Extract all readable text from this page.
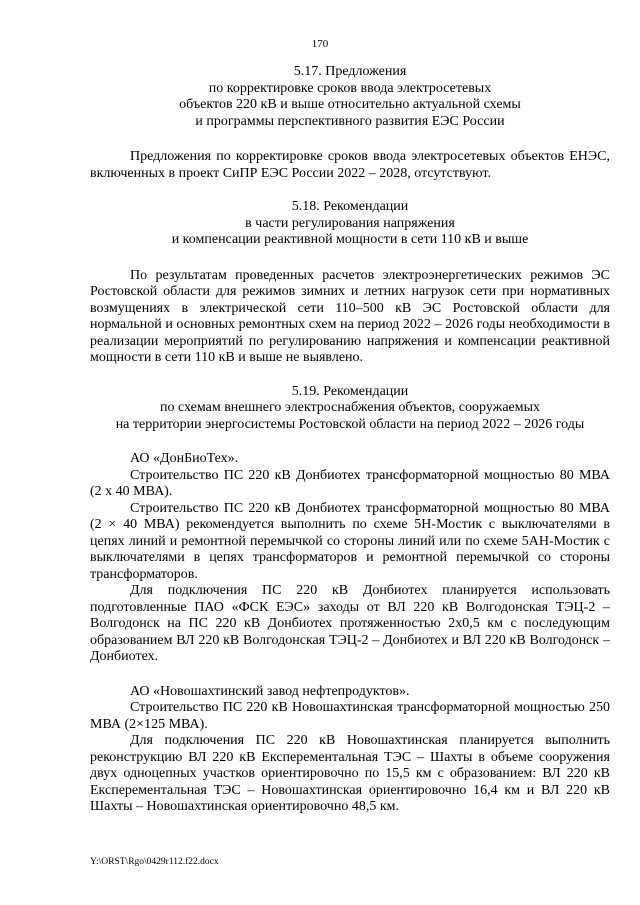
170
5.17. Предложения
по корректировке сроков ввода электросетевых
объектов 220 кВ и выше относительно актуальной схемы
и программы перспективного развития ЕЭС России

Предложения по корректировке сроков ввода электросетевых объектов ЕНЭС, включенных в проект СиПР ЕЭС России 2022 – 2028, отсутствуют.

5.18. Рекомендации
в части регулирования напряжения
и компенсации реактивной мощности в сети 110 кВ и выше

По результатам проведенных расчетов электроэнергетических режимов ЭС Ростовской области для режимов зимних и летних нагрузок сети при нормативных возмущениях в электрической сети 110–500 кВ ЭС Ростовской области для нормальной и основных ремонтных схем на период 2022 – 2026 годы необходимости в реализации мероприятий по регулированию напряжения и компенсации реактивной мощности в сети 110 кВ и выше не выявлено.

5.19. Рекомендации
по схемам внешнего электроснабжения объектов, сооружаемых
на территории энергосистемы Ростовской области на период 2022 – 2026 годы

АО «ДонБиоТех».

Строительство ПС 220 кВ Донбиотех трансформаторной мощностью 80 МВА (2 х 40 МВА).

Строительство ПС 220 кВ Донбиотех трансформаторной мощностью 80 МВА (2 × 40 МВА) рекомендуется выполнить по схеме 5Н-Мостик с выключателями в цепях линий и ремонтной перемычкой со стороны линий или по схеме 5АН-Мостик с выключателями в цепях трансформаторов и ремонтной перемычкой со стороны трансформаторов.

Для подключения ПС 220 кВ Донбиотех планируется использовать подготовленные ПАО «ФСК ЕЭС» заходы от ВЛ 220 кВ Волгодонская ТЭЦ-2 – Волгодонск на ПС 220 кВ Донбиотех протяженностью 2х0,5 км с последующим образованием ВЛ 220 кВ Волгодонская ТЭЦ-2 – Донбиотех и ВЛ 220 кВ Волгодонск – Донбиотех.

АО «Новошахтинский завод нефтепродуктов».

Строительство ПС 220 кВ Новошахтинская трансформаторной мощностью 250 МВА (2×125 МВА).

Для подключения ПС 220 кВ Новошахтинская планируется выполнить реконструкцию ВЛ 220 кВ Експерементальная ТЭС – Шахты в объеме сооружения двух одноцепных участков ориентировочно по 15,5 км с образованием: ВЛ 220 кВ Експерементальная ТЭС – Новошахтинская ориентировочно 16,4 км и ВЛ 220 кВ Шахты – Новошахтинская ориентировочно 48,5 км.

Y:\ORST\Rgo\0429r112.f22.docx
